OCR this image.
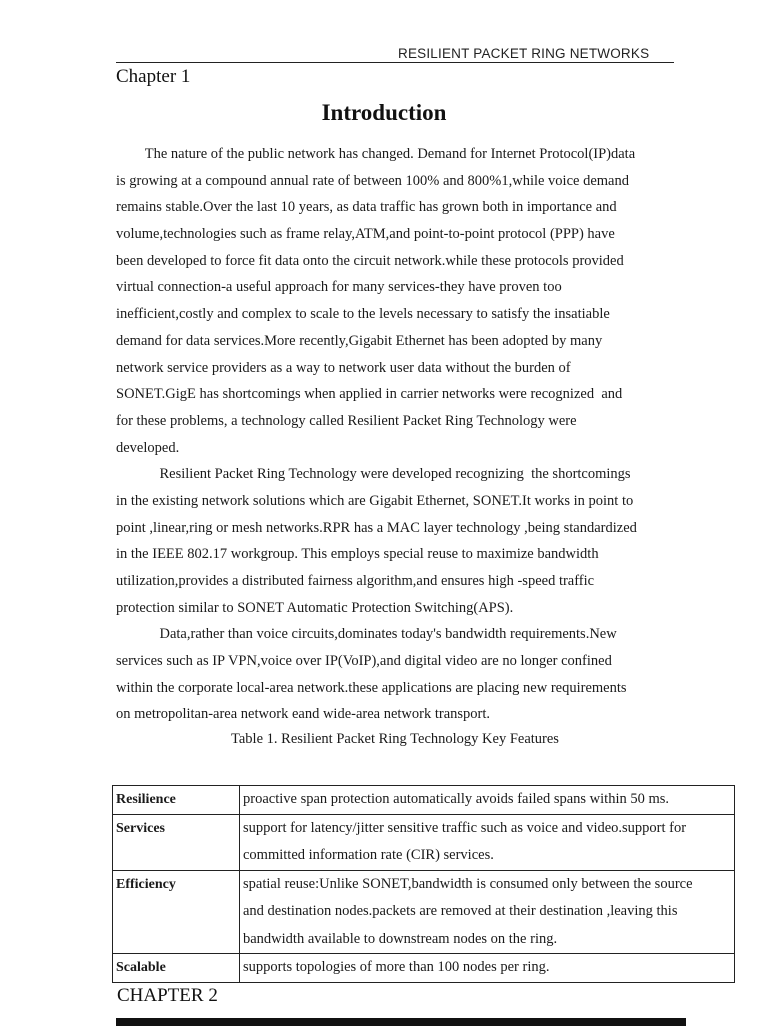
RESILIENT PACKET RING NETWORKS
Chapter 1
Introduction
The nature of the public network has changed. Demand for Internet Protocol(IP)data
is growing at a compound annual rate of between 100% and 800%1,while voice demand
remains stable.Over the last 10 years, as data traffic has grown both in importance and
volume,technologies such as frame relay,ATM,and point-to-point protocol (PPP) have
been developed to force fit data onto the circuit network.while these protocols provided
virtual connection-a useful approach for many services-they have proven too
inefficient,costly and complex to scale to the levels necessary to satisfy the insatiable
demand for data services.More recently,Gigabit Ethernet has been adopted by many
network service providers as a way to network user data without the burden of
SONET.GigE has shortcomings when applied in carrier networks were recognized  and
for these problems, a technology called Resilient Packet Ring Technology were
developed.
Resilient Packet Ring Technology were developed recognizing  the shortcomings
in the existing network solutions which are Gigabit Ethernet, SONET.It works in point to
point ,linear,ring or mesh networks.RPR has a MAC layer technology ,being standardized
in the IEEE 802.17 workgroup. This employs special reuse to maximize bandwidth
utilization,provides a distributed fairness algorithm,and ensures high -speed traffic
protection similar to SONET Automatic Protection Switching(APS).
Data,rather than voice circuits,dominates today's bandwidth requirements.New
services such as IP VPN,voice over IP(VoIP),and digital video are no longer confined
within the corporate local-area network.these applications are placing new requirements
on metropolitan-area network eand wide-area network transport.
Table 1. Resilient Packet Ring Technology Key Features
Resilience	proactive span protection automatically avoids failed spans within 50 ms.

Services	support for latency/jitter sensitive traffic such as voice and video.support for
committed information rate (CIR) services.

Efficiency	spatial reuse:Unlike SONET,bandwidth is consumed only between the source
and destination nodes.packets are removed at their destination ,leaving this
bandwidth available to downstream nodes on the ring.

Scalable	supports topologies of more than 100 nodes per ring.
CHAPTER 2
